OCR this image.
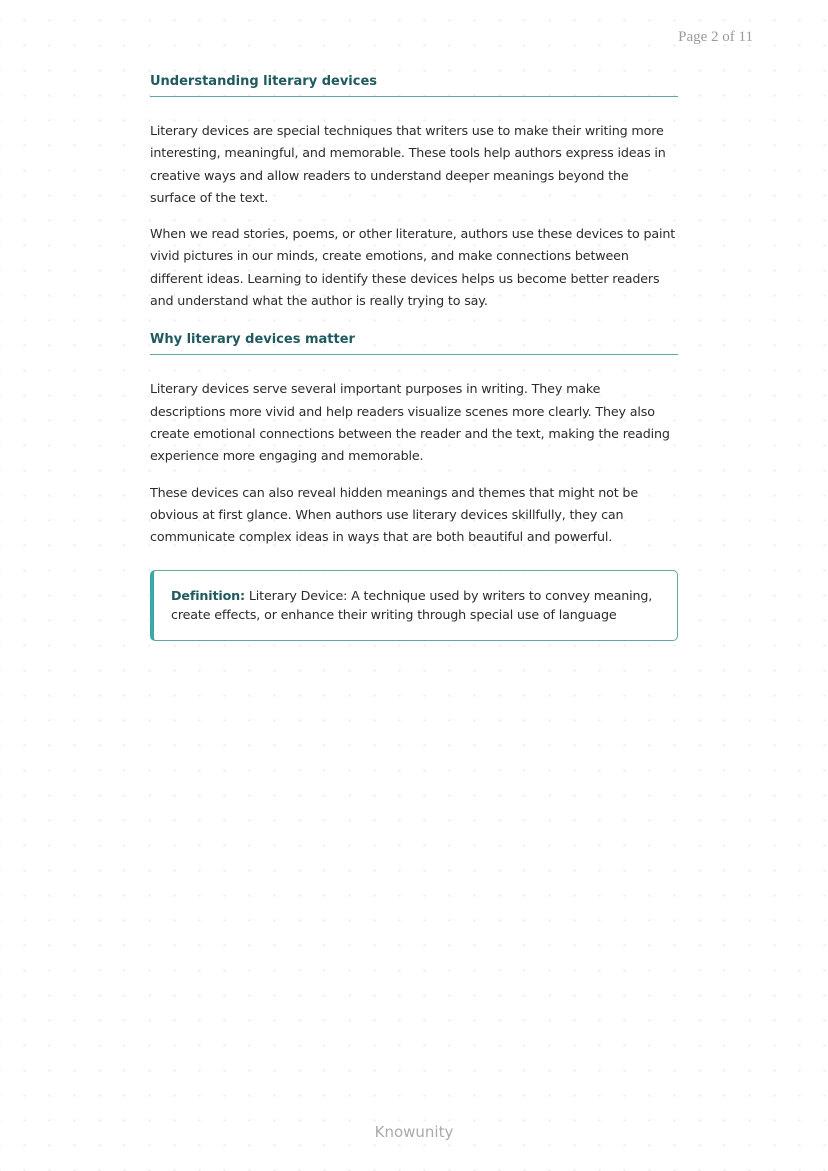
Page 2 of 11
Understanding literary devices

Literary devices are special techniques that writers use to make their writing more interesting, meaningful, and memorable. These tools help authors express ideas in creative ways and allow readers to understand deeper meanings beyond the surface of the text.

When we read stories, poems, or other literature, authors use these devices to paint vivid pictures in our minds, create emotions, and make connections between different ideas. Learning to identify these devices helps us become better readers and understand what the author is really trying to say.

Why literary devices matter

Literary devices serve several important purposes in writing. They make descriptions more vivid and help readers visualize scenes more clearly. They also create emotional connections between the reader and the text, making the reading experience more engaging and memorable.

These devices can also reveal hidden meanings and themes that might not be obvious at first glance. When authors use literary devices skillfully, they can communicate complex ideas in ways that are both beautiful and powerful.

Definition: Literary Device: A technique used by writers to convey meaning, create effects, or enhance their writing through special use of language
Knowunity
